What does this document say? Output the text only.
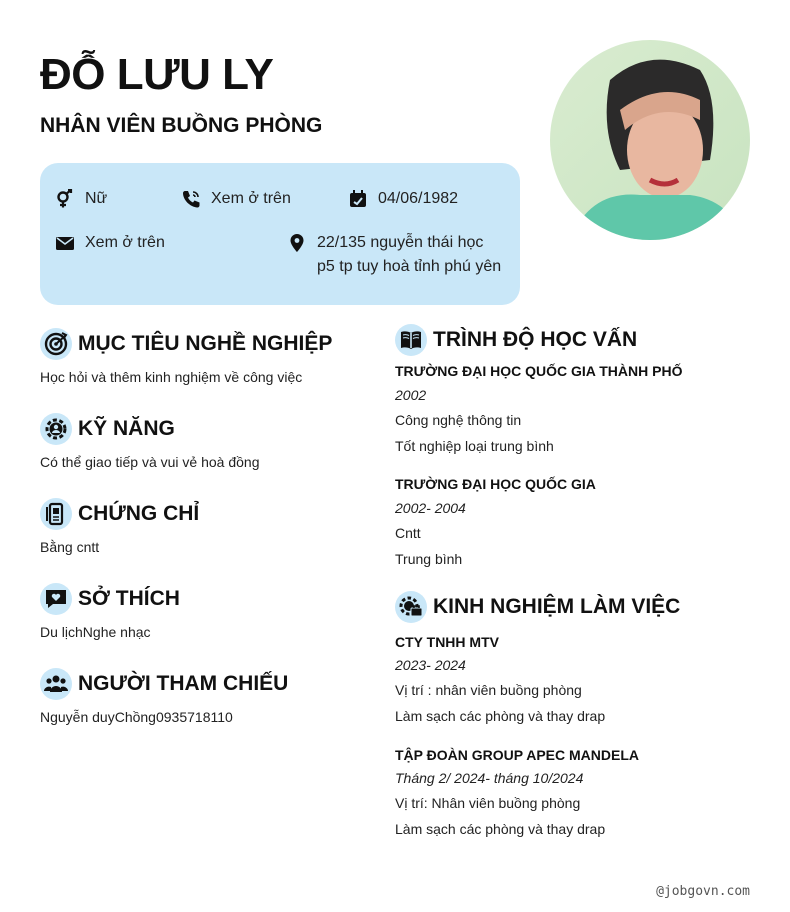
ĐỖ LƯU LY
NHÂN VIÊN BUỒNG PHÒNG
Nữ	Xem ở trên	04/06/1982
Xem ở trên	22/135 nguyễn thái học
p5 tp tuy hoà tỉnh phú yên
MỤC TIÊU NGHỀ NGHIỆP
Học hỏi và thêm kinh nghiệm về công việc
KỸ NĂNG
Có thể giao tiếp và vui vẻ hoà đồng
CHỨNG CHỈ
Bằng cntt
SỞ THÍCH
Du lịchNghe nhạc
NGƯỜI THAM CHIẾU
Nguyễn duyChồng0935718110
TRÌNH ĐỘ HỌC VẤN
TRƯỜNG ĐẠI HỌC QUỐC GIA THÀNH PHỐ
2002
Công nghệ thông tin
Tốt nghiệp loại trung bình
TRƯỜNG ĐẠI HỌC QUỐC GIA
2002- 2004
Cntt
Trung bình
KINH NGHIỆM LÀM VIỆC
CTY TNHH MTV
2023- 2024
Vị trí : nhân viên buồng phòng
Làm sạch các phòng và thay drap
TẬP ĐOÀN GROUP APEC MANDELA
Tháng 2/ 2024- tháng 10/2024
Vị trí: Nhân viên buồng phòng
Làm sạch các phòng và thay drap
@jobgovn.com
